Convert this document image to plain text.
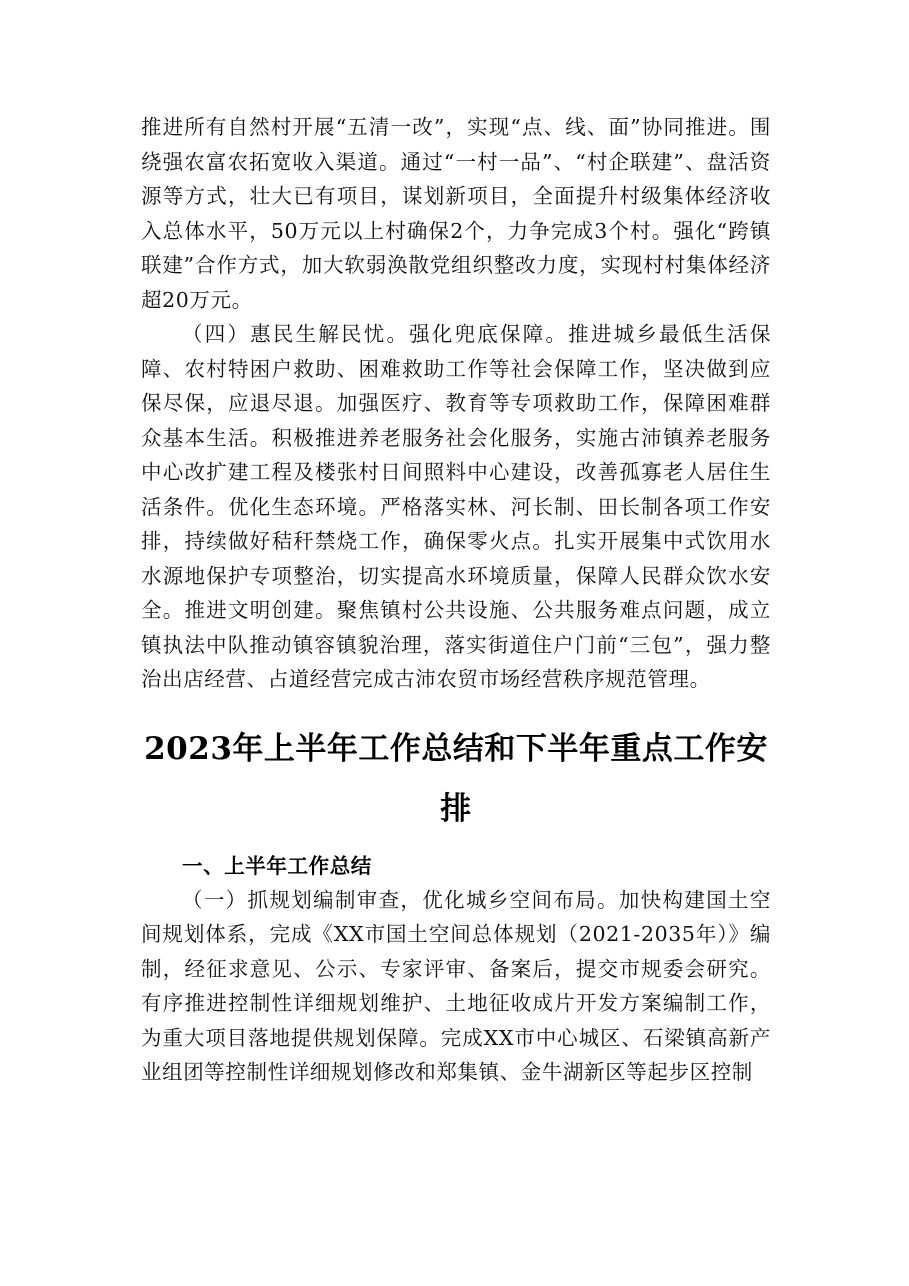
推进所有自然村开展“五清一改”，实现“点、线、面”协同推进。围绕强农富农拓宽收入渠道。通过“一村一品”、“村企联建”、盘活资源等方式，壮大已有项目，谋划新项目，全面提升村级集体经济收入总体水平，50万元以上村确保2个，力争完成3个村。强化“跨镇联建”合作方式，加大软弱涣散党组织整改力度，实现村村集体经济超20万元。

（四）惠民生解民忧。强化兜底保障。推进城乡最低生活保障、农村特困户救助、困难救助工作等社会保障工作，坚决做到应保尽保，应退尽退。加强医疗、教育等专项救助工作，保障困难群众基本生活。积极推进养老服务社会化服务，实施古沛镇养老服务中心改扩建工程及楼张村日间照料中心建设，改善孤寡老人居住生活条件。优化生态环境。严格落实林、河长制、田长制各项工作安排，持续做好秸秆禁烧工作，确保零火点。扎实开展集中式饮用水水源地保护专项整治，切实提高水环境质量，保障人民群众饮水安全。推进文明创建。聚焦镇村公共设施、公共服务难点问题，成立镇执法中队推动镇容镇貌治理，落实街道住户门前“三包”，强力整治出店经营、占道经营完成古沛农贸市场经营秩序规范管理。

2023年上半年工作总结和下半年重点工作安排
一、上半年工作总结

（一）抓规划编制审查，优化城乡空间布局。加快构建国土空间规划体系，完成《XX市国土空间总体规划（2021-2035年）》编制，经征求意见、公示、专家评审、备案后，提交市规委会研究。有序推进控制性详细规划维护、土地征收成片开发方案编制工作，为重大项目落地提供规划保障。完成XX市中心城区、石梁镇高新产业组团等控制性详细规划修改和郑集镇、金牛湖新区等起步区控制
